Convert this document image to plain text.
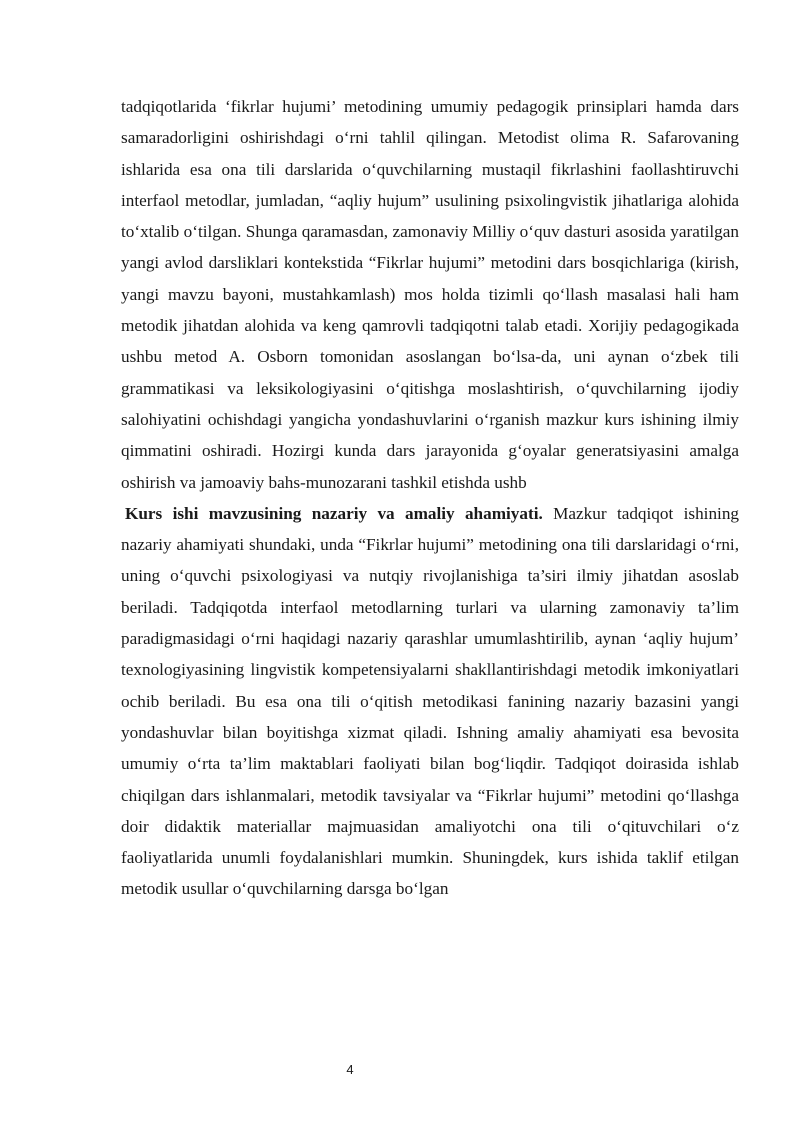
tadqiqotlarida ‘fikrlar hujumi’ metodining umumiy pedagogik prinsiplari hamda dars samaradorligini oshirishdagi o‘rni tahlil qilingan. Metodist olima R. Safarovaning ishlarida esa ona tili darslarida o‘quvchilarning mustaqil fikrlashini faollashtiruvchi interfaol metodlar, jumladan, “aqliy hujum” usulining psixolingvistik jihatlariga alohida to‘xtalib o‘tilgan. Shunga qaramasdan, zamonaviy Milliy o‘quv dasturi asosida yaratilgan yangi avlod darsliklari kontekstida “Fikrlar hujumi” metodini dars bosqichlariga (kirish, yangi mavzu bayoni, mustahkamlash) mos holda tizimli qo‘llash masalasi hali ham metodik jihatdan alohida va keng qamrovli tadqiqotni talab etadi. Xorijiy pedagogikada ushbu metod A. Osborn tomonidan asoslangan bo‘lsa-da, uni aynan o‘zbek tili grammatikasi va leksikologiyasini o‘qitishga moslashtirish, o‘quvchilarning ijodiy salohiyatini ochishdagi yangicha yondashuvlarini o‘rganish mazkur kurs ishining ilmiy qimmatini oshiradi. Hozirgi kunda dars jarayonida g‘oyalar generatsiyasini amalga oshirish va jamoaviy bahs-munozarani tashkil etishda ushb

Kurs ishi mavzusining nazariy va amaliy ahamiyati. Mazkur tadqiqot ishining nazariy ahamiyati shundaki, unda “Fikrlar hujumi” metodining ona tili darslaridagi o‘rni, uning o‘quvchi psixologiyasi va nutqiy rivojlanishiga ta’siri ilmiy jihatdan asoslab beriladi. Tadqiqotda interfaol metodlarning turlari va ularning zamonaviy ta’lim paradigmasidagi o‘rni haqidagi nazariy qarashlar umumlashtirilib, aynan ‘aqliy hujum’ texnologiyasining lingvistik kompetensiyalarni shakllantirishdagi metodik imkoniyatlari ochib beriladi. Bu esa ona tili o‘qitish metodikasi fanining nazariy bazasini yangi yondashuvlar bilan boyitishga xizmat qiladi. Ishning amaliy ahamiyati esa bevosita umumiy o‘rta ta’lim maktablari faoliyati bilan bog‘liqdir. Tadqiqot doirasida ishlab chiqilgan dars ishlanmalari, metodik tavsiyalar va “Fikrlar hujumi” metodini qo‘llashga doir didaktik materiallar majmuasidan amaliyotchi ona tili o‘qituvchilari o‘z faoliyatlarida unumli foydalanishlari mumkin. Shuningdek, kurs ishida taklif etilgan metodik usullar o‘quvchilarning darsga bo‘lgan

4
